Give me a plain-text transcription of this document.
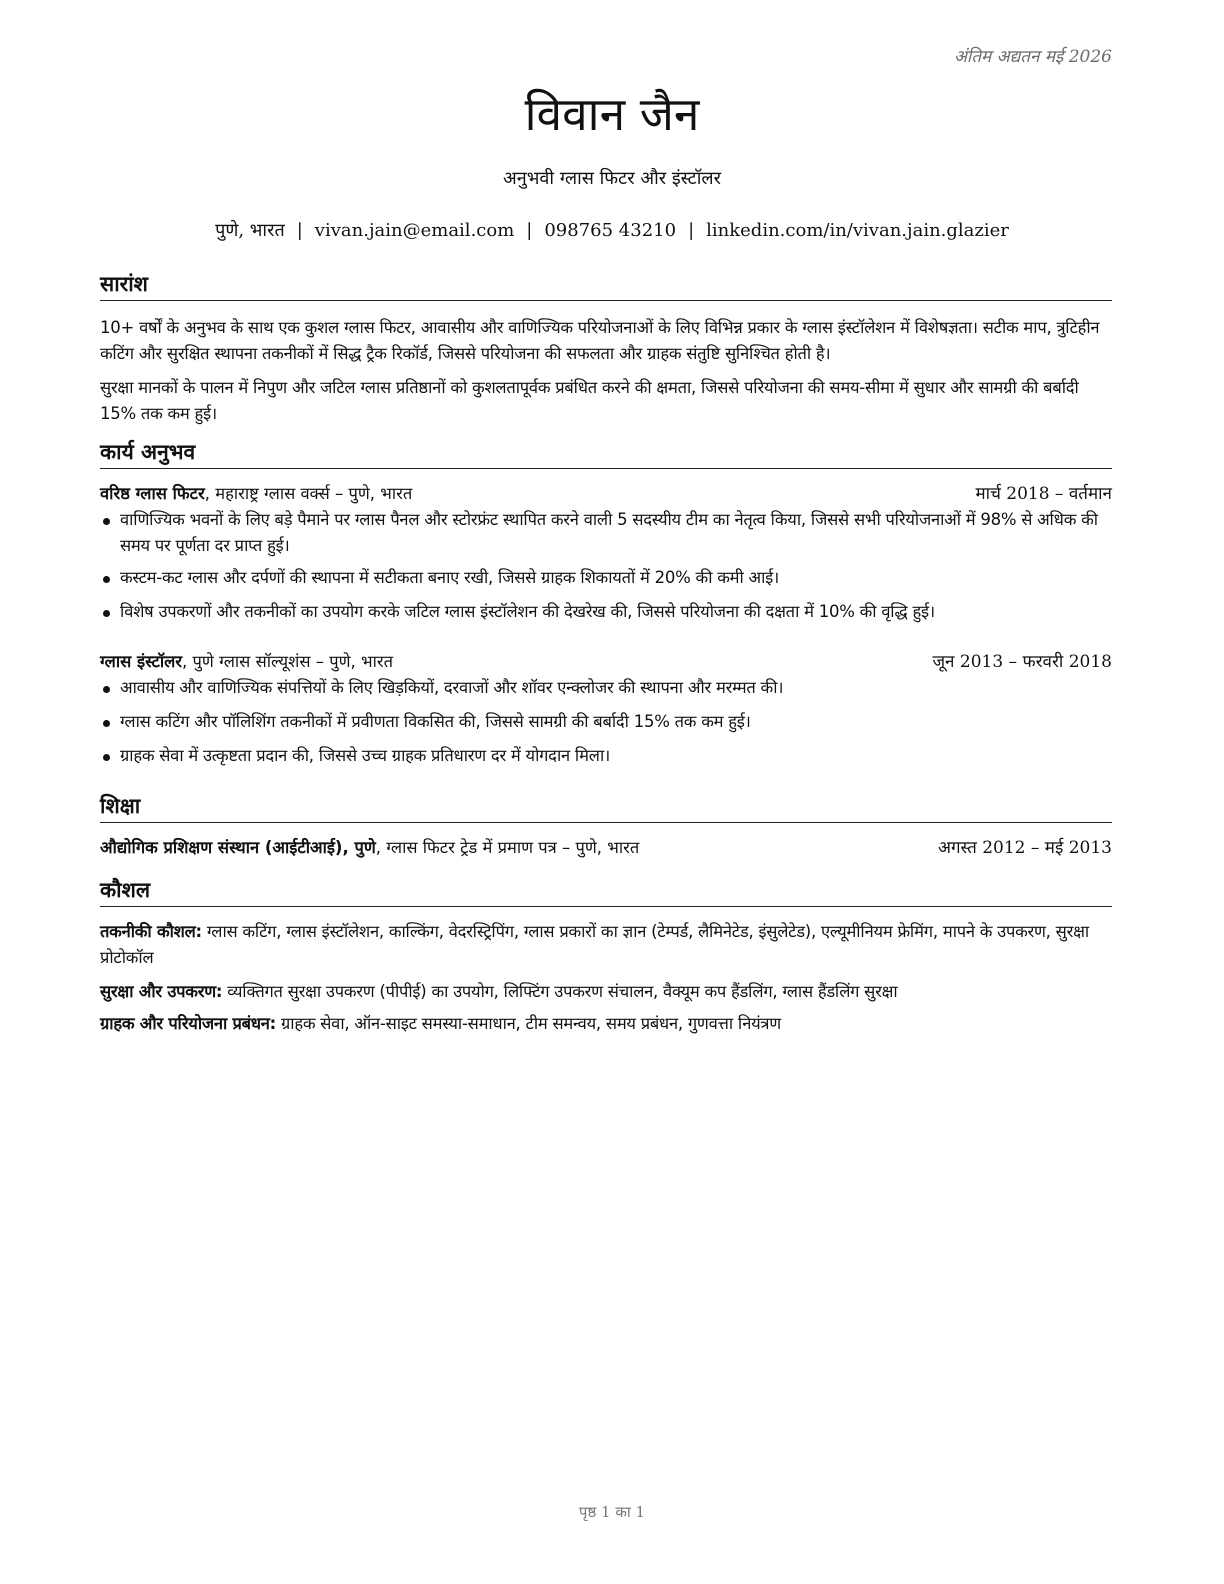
अंतिम अद्यतन मई 2026
विवान जैन
अनुभवी ग्लास फिटर और इंस्टॉलर
पुणे, भारत | vivan.jain@email.com | 098765 43210 | linkedin.com/in/vivan.jain.glazier
सारांश

10+ वर्षों के अनुभव के साथ एक कुशल ग्लास फिटर, आवासीय और वाणिज्यिक परियोजनाओं के लिए विभिन्न प्रकार के ग्लास इंस्टॉलेशन में विशेषज्ञता। सटीक माप, त्रुटिहीन कटिंग और सुरक्षित स्थापना तकनीकों में सिद्ध ट्रैक रिकॉर्ड, जिससे परियोजना की सफलता और ग्राहक संतुष्टि सुनिश्चित होती है।

सुरक्षा मानकों के पालन में निपुण और जटिल ग्लास प्रतिष्ठानों को कुशलतापूर्वक प्रबंधित करने की क्षमता, जिससे परियोजना की समय-सीमा में सुधार और सामग्री की बर्बादी 15% तक कम हुई।

कार्य अनुभव
वरिष्ठ ग्लास फिटर, महाराष्ट्र ग्लास वर्क्स – पुणे, भारत	मार्च 2018 – वर्तमान
वाणिज्यिक भवनों के लिए बड़े पैमाने पर ग्लास पैनल और स्टोरफ्रंट स्थापित करने वाली 5 सदस्यीय टीम का नेतृत्व किया, जिससे सभी परियोजनाओं में 98% से अधिक की समय पर पूर्णता दर प्राप्त हुई।
कस्टम-कट ग्लास और दर्पणों की स्थापना में सटीकता बनाए रखी, जिससे ग्राहक शिकायतों में 20% की कमी आई।
विशेष उपकरणों और तकनीकों का उपयोग करके जटिल ग्लास इंस्टॉलेशन की देखरेख की, जिससे परियोजना की दक्षता में 10% की वृद्धि हुई।
ग्लास इंस्टॉलर, पुणे ग्लास सॉल्यूशंस – पुणे, भारत	जून 2013 – फरवरी 2018
आवासीय और वाणिज्यिक संपत्तियों के लिए खिड़कियों, दरवाजों और शॉवर एन्क्लोजर की स्थापना और मरम्मत की।
ग्लास कटिंग और पॉलिशिंग तकनीकों में प्रवीणता विकसित की, जिससे सामग्री की बर्बादी 15% तक कम हुई।
ग्राहक सेवा में उत्कृष्टता प्रदान की, जिससे उच्च ग्राहक प्रतिधारण दर में योगदान मिला।
शिक्षा
औद्योगिक प्रशिक्षण संस्थान (आईटीआई), पुणे, ग्लास फिटर ट्रेड में प्रमाण पत्र – पुणे, भारत	अगस्त 2012 – मई 2013
कौशल
तकनीकी कौशल: ग्लास कटिंग, ग्लास इंस्टॉलेशन, काल्किंग, वेदरस्ट्रिपिंग, ग्लास प्रकारों का ज्ञान (टेम्पर्ड, लैमिनेटेड, इंसुलेटेड), एल्यूमीनियम फ्रेमिंग, मापने के उपकरण, सुरक्षा प्रोटोकॉल
सुरक्षा और उपकरण: व्यक्तिगत सुरक्षा उपकरण (पीपीई) का उपयोग, लिफ्टिंग उपकरण संचालन, वैक्यूम कप हैंडलिंग, ग्लास हैंडलिंग सुरक्षा
ग्राहक और परियोजना प्रबंधन: ग्राहक सेवा, ऑन-साइट समस्या-समाधान, टीम समन्वय, समय प्रबंधन, गुणवत्ता नियंत्रण
पृष्ठ 1 का 1
